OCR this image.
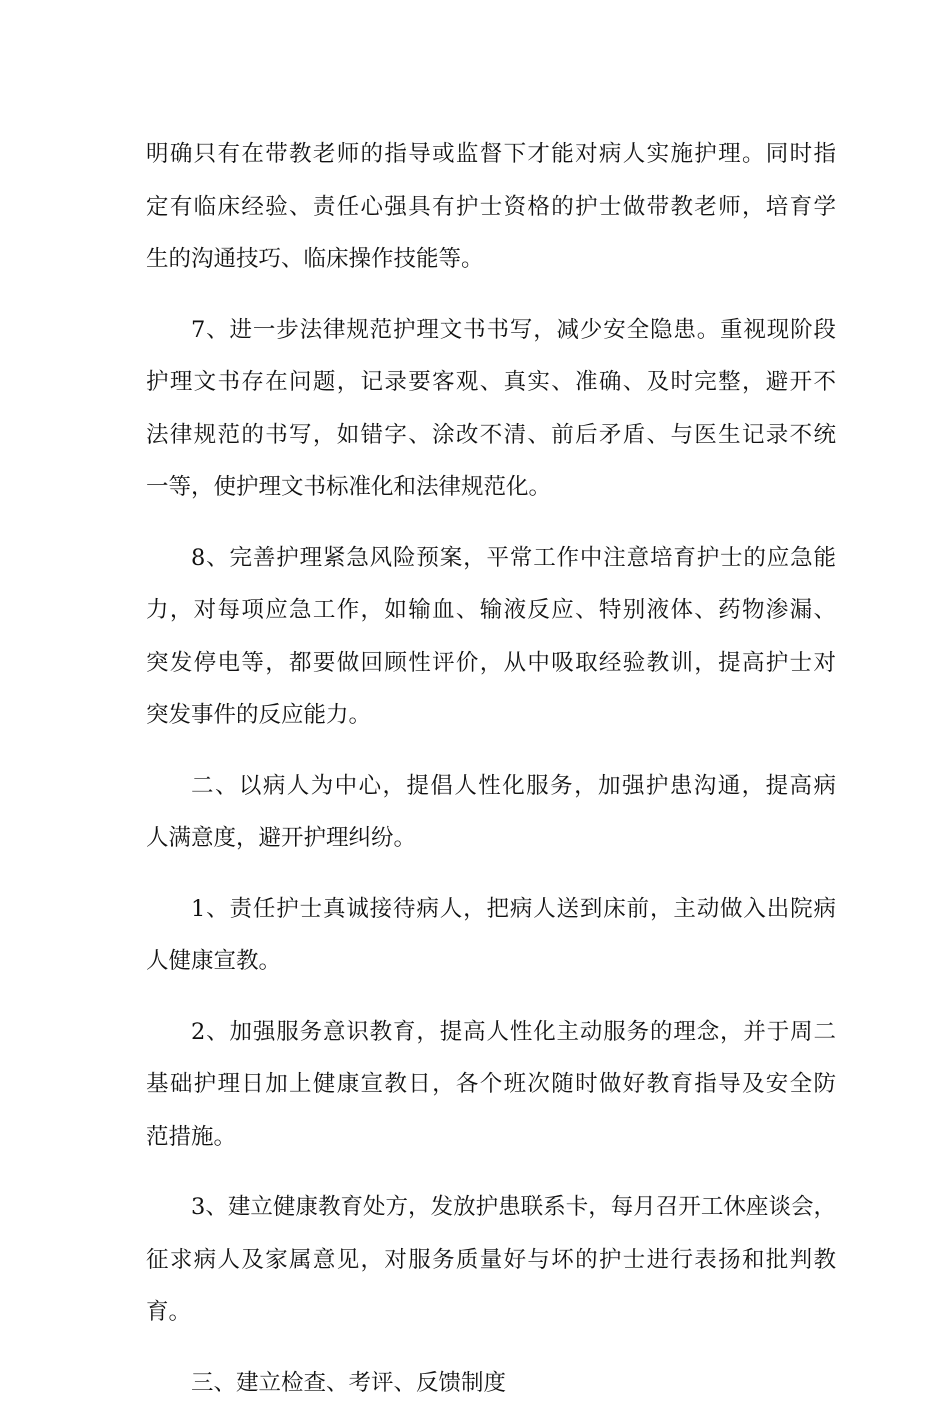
明确只有在带教老师的指导或监督下才能对病人实施护理。同时指
定有临床经验、责任心强具有护士资格的护士做带教老师，培育学
生的沟通技巧、临床操作技能等。
7、进一步法律规范护理文书书写，减少安全隐患。重视现阶段
护理文书存在问题，记录要客观、真实、准确、及时完整，避开不
法律规范的书写，如错字、涂改不清、前后矛盾、与医生记录不统
一等，使护理文书标准化和法律规范化。
8、完善护理紧急风险预案，平常工作中注意培育护士的应急能
力，对每项应急工作，如输血、输液反应、特别液体、药物渗漏、
突发停电等，都要做回顾性评价，从中吸取经验教训，提高护士对
突发事件的反应能力。
二、以病人为中心，提倡人性化服务，加强护患沟通，提高病
人满意度，避开护理纠纷。
1、责任护士真诚接待病人，把病人送到床前，主动做入出院病
人健康宣教。
2、加强服务意识教育，提高人性化主动服务的理念，并于周二
基础护理日加上健康宣教日，各个班次随时做好教育指导及安全防
范措施。
3、建立健康教育处方，发放护患联系卡，每月召开工休座谈会，
征求病人及家属意见，对服务质量好与坏的护士进行表扬和批判教
育。
三、建立检查、考评、反馈制度
